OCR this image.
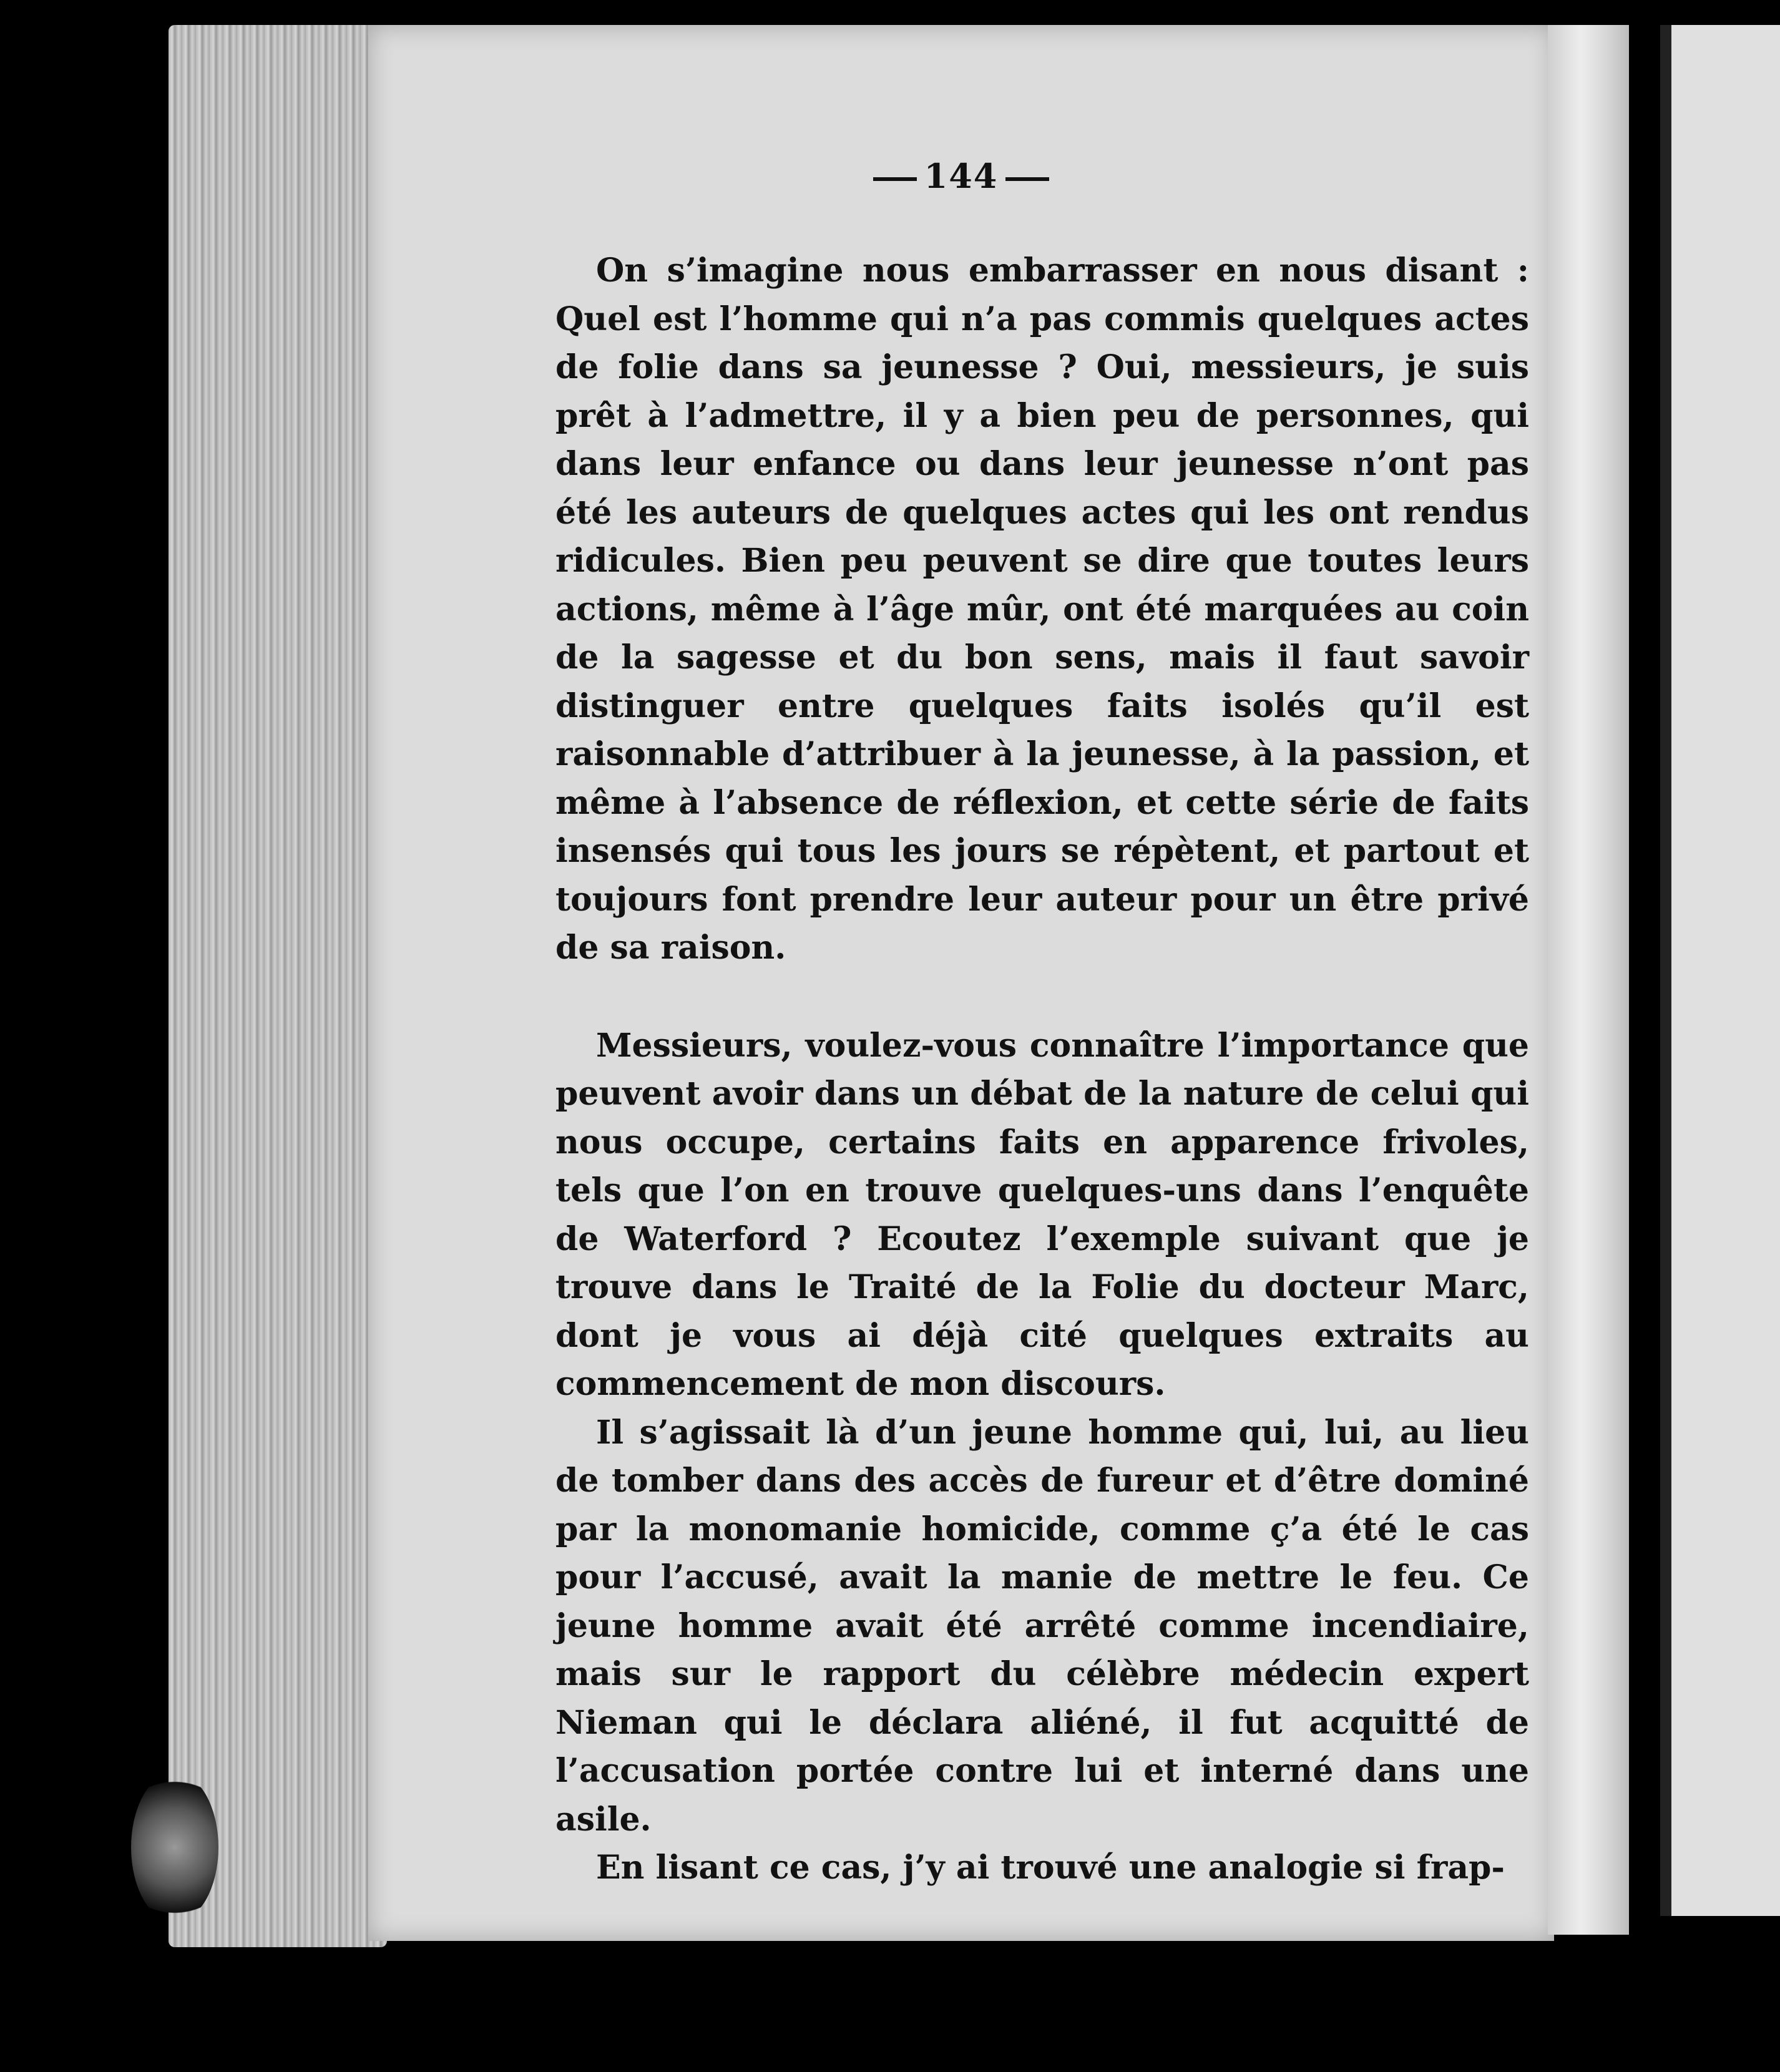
144

On s’imagine nous embarrasser en nous disant : Quel est l’homme qui n’a pas commis quelques actes de folie dans sa jeunesse ? Oui, messieurs, je suis prêt à l’admettre, il y a bien peu de personnes, qui dans leur enfance ou dans leur jeunesse n’ont pas été les auteurs de quelques actes qui les ont rendus ridicules. Bien peu peuvent se dire que toutes leurs actions, même à l’âge mûr, ont été marquées au coin de la sagesse et du bon sens, mais il faut savoir distinguer entre quelques faits isolés qu’il est raisonnable d’attribuer à la jeunesse, à la passion, et même à l’absence de réflexion, et cette série de faits insensés qui tous les jours se répètent, et partout et toujours font prendre leur auteur pour un être privé de sa raison.

Messieurs, voulez-vous connaître l’importance que peuvent avoir dans un débat de la nature de celui qui nous occupe, certains faits en apparence frivoles, tels que l’on en trouve quelques-uns dans l’enquête de Waterford ? Ecoutez l’exemple suivant que je trouve dans le Traité de la Folie du docteur Marc, dont je vous ai déjà cité quelques extraits au commencement de mon discours.

Il s’agissait là d’un jeune homme qui, lui, au lieu de tomber dans des accès de fureur et d’être dominé par la monomanie homicide, comme ç’a été le cas pour l’accusé, avait la manie de mettre le feu. Ce jeune homme avait été arrêté comme incendiaire, mais sur le rapport du célèbre médecin expert Nieman qui le déclara aliéné, il fut acquitté de l’accusation portée contre lui et interné dans une asile.

En lisant ce cas, j’y ai trouvé une analogie si frap-
